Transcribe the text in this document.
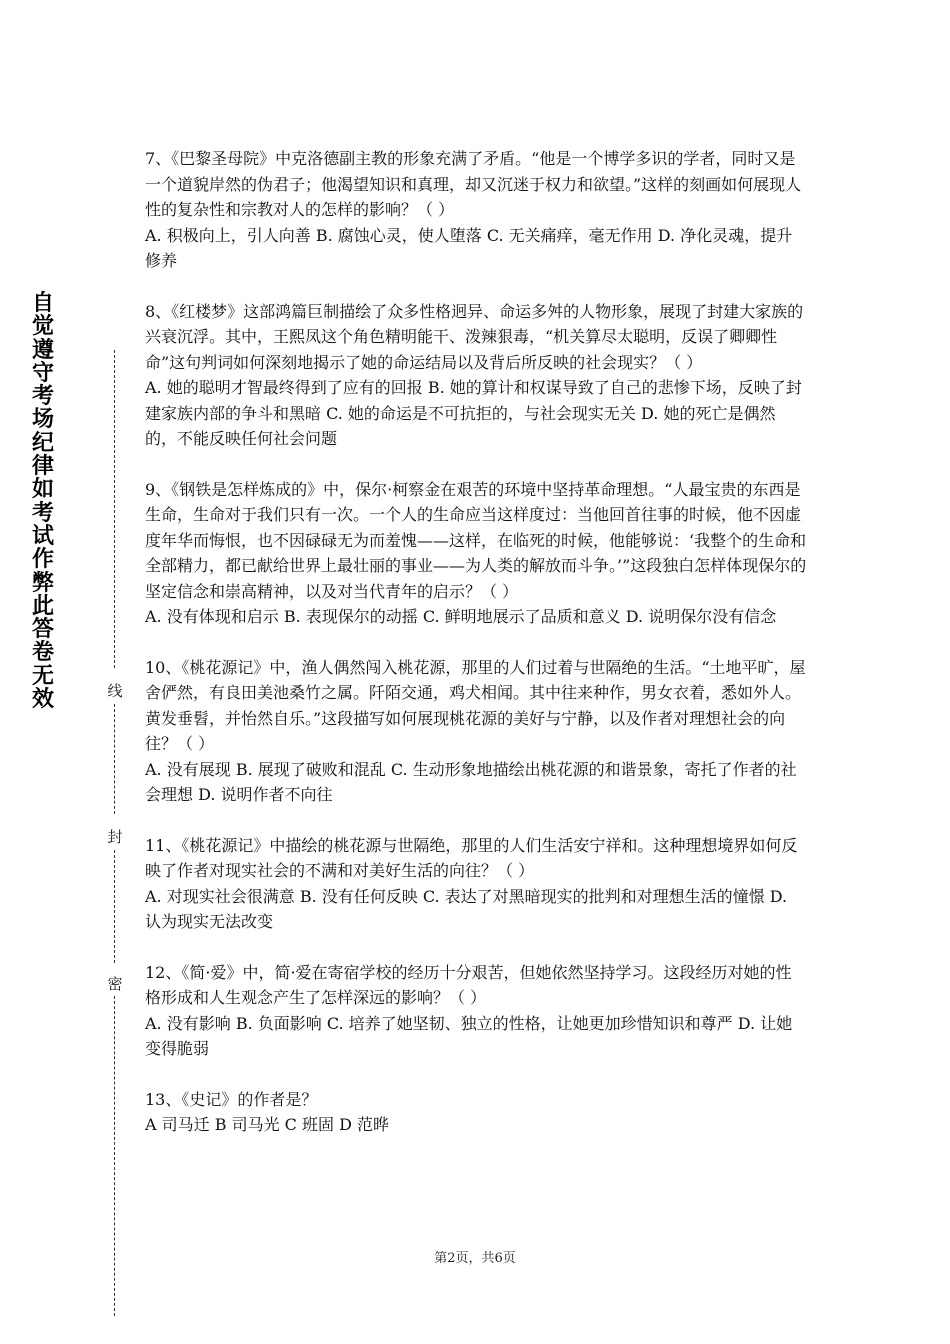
自觉遵守考场纪律如考试作弊此答卷无效	线
封
密

7、《巴黎圣母院》中克洛德副主教的形象充满了矛盾。“他是一个博学多识的学者，同时又是一个道貌岸然的伪君子；他渴望知识和真理，却又沉迷于权力和欲望。”这样的刻画如何展现人性的复杂性和宗教对人的怎样的影响？（ ）

A. 积极向上，引人向善 B. 腐蚀心灵，使人堕落 C. 无关痛痒，毫无作用 D. 净化灵魂，提升修养

8、《红楼梦》这部鸿篇巨制描绘了众多性格迥异、命运多舛的人物形象，展现了封建大家族的兴衰沉浮。其中，王熙凤这个角色精明能干、泼辣狠毒，“机关算尽太聪明，反误了卿卿性命”这句判词如何深刻地揭示了她的命运结局以及背后所反映的社会现实？（ ）

A. 她的聪明才智最终得到了应有的回报 B. 她的算计和权谋导致了自己的悲惨下场，反映了封建家族内部的争斗和黑暗 C. 她的命运是不可抗拒的，与社会现实无关 D. 她的死亡是偶然的，不能反映任何社会问题

9、《钢铁是怎样炼成的》中，保尔·柯察金在艰苦的环境中坚持革命理想。“人最宝贵的东西是生命，生命对于我们只有一次。一个人的生命应当这样度过：当他回首往事的时候，他不因虚度年华而悔恨，也不因碌碌无为而羞愧——这样，在临死的时候，他能够说：‘我整个的生命和全部精力，都已献给世界上最壮丽的事业——为人类的解放而斗争。’”这段独白怎样体现保尔的坚定信念和崇高精神，以及对当代青年的启示？（ ）

A. 没有体现和启示 B. 表现保尔的动摇 C. 鲜明地展示了品质和意义 D. 说明保尔没有信念

10、《桃花源记》中，渔人偶然闯入桃花源，那里的人们过着与世隔绝的生活。“土地平旷，屋舍俨然，有良田美池桑竹之属。阡陌交通，鸡犬相闻。其中往来种作，男女衣着，悉如外人。黄发垂髫，并怡然自乐。”这段描写如何展现桃花源的美好与宁静，以及作者对理想社会的向往？（ ）

A. 没有展现 B. 展现了破败和混乱 C. 生动形象地描绘出桃花源的和谐景象，寄托了作者的社会理想 D. 说明作者不向往

11、《桃花源记》中描绘的桃花源与世隔绝，那里的人们生活安宁祥和。这种理想境界如何反映了作者对现实社会的不满和对美好生活的向往？（ ）

A. 对现实社会很满意 B. 没有任何反映 C. 表达了对黑暗现实的批判和对理想生活的憧憬 D. 认为现实无法改变

12、《简·爱》中，简·爱在寄宿学校的经历十分艰苦，但她依然坚持学习。这段经历对她的性格形成和人生观念产生了怎样深远的影响？（ ）

A. 没有影响 B. 负面影响 C. 培养了她坚韧、独立的性格，让她更加珍惜知识和尊严 D. 让她变得脆弱

13、《史记》的作者是？

A 司马迁 B 司马光 C 班固 D 范晔

第2页，共6页
